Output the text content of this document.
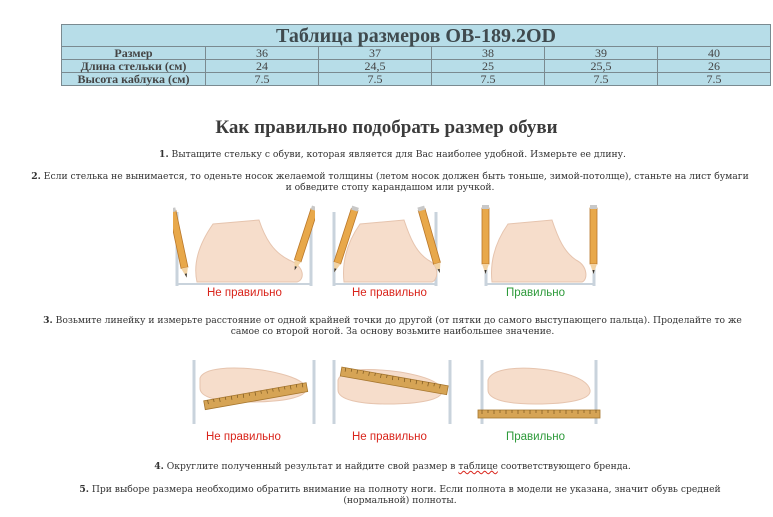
Таблица размеров OB-189.2OD					
Размер	36	37	38	39	40
Длина стельки (см)	24	24,5	25	25,5	26
Высота каблука (см)	7.5	7.5	7.5	7.5	7.5
Как правильно подобрать размер обуви
1. Вытащите стельку с обуви, которая является для Вас наиболее удобной. Измерьте ее длину.
2. Если стелька не вынимается, то оденьте носок желаемой толщины (летом носок должен быть тоньше, зимой-потолще), станьте на лист бумаги и обведите стопу карандашом или ручкой.
Не правильно	Не правильно	Правильно
3. Возьмите линейку и измерьте расстояние от одной крайней точки до другой (от пятки до самого выступающего пальца). Проделайте то же самое со второй ногой. За основу возьмите наибольшее значение.
Не правильно	Не правильно	Правильно
4. Округлите полученный результат и найдите свой размер в таблице соответствующего бренда.
5. При выборе размера необходимо обратить внимание на полноту ноги. Если полнота в модели не указана, значит обувь средней (нормальной) полноты.
